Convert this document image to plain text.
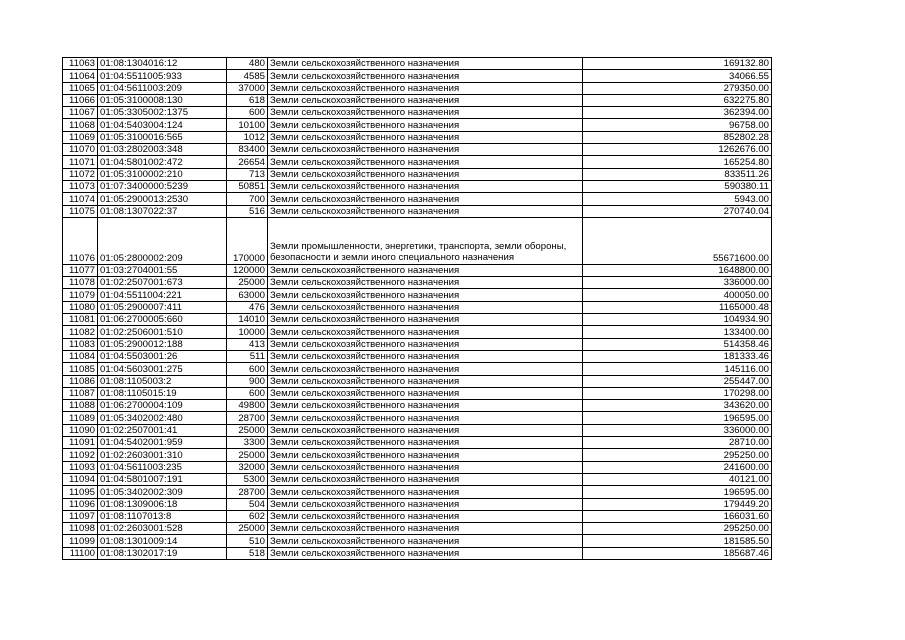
11063	01:08:1304016:12	480	Земли сельскохозяйственного назначения	169132.80
11064	01:04:5511005:933	4585	Земли сельскохозяйственного назначения	34066.55
11065	01:04:5611003:209	37000	Земли сельскохозяйственного назначения	279350.00
11066	01:05:3100008:130	618	Земли сельскохозяйственного назначения	632275.80
11067	01:05:3305002:1375	600	Земли сельскохозяйственного назначения	362394.00
11068	01:04:5403004:124	10100	Земли сельскохозяйственного назначения	96758.00
11069	01:05:3100016:565	1012	Земли сельскохозяйственного назначения	852802.28
11070	01:03:2802003:348	83400	Земли сельскохозяйственного назначения	1262676.00
11071	01:04:5801002:472	26654	Земли сельскохозяйственного назначения	165254.80
11072	01:05:3100002:210	713	Земли сельскохозяйственного назначения	833511.26
11073	01:07:3400000:5239	50851	Земли сельскохозяйственного назначения	590380.11
11074	01:05:2900013:2530	700	Земли сельскохозяйственного назначения	5943.00
11075	01:08:1307022:37	516	Земли сельскохозяйственного назначения	270740.04
11076	01:05:2800002:209	170000	Земли промышленности, энергетики, транспорта, земли обороны, безопасности и земли иного специального назначения	55671600.00
11077	01:03:2704001:55	120000	Земли сельскохозяйственного назначения	1648800.00
11078	01:02:2507001:673	25000	Земли сельскохозяйственного назначения	336000.00
11079	01:04:5511004:221	63000	Земли сельскохозяйственного назначения	400050.00
11080	01:05:2900007:411	476	Земли сельскохозяйственного назначения	1165000.48
11081	01:06:2700005:660	14010	Земли сельскохозяйственного назначения	104934.90
11082	01:02:2506001:510	10000	Земли сельскохозяйственного назначения	133400.00
11083	01:05:2900012:188	413	Земли сельскохозяйственного назначения	514358.46
11084	01:04:5503001:26	511	Земли сельскохозяйственного назначения	181333.46
11085	01:04:5603001:275	600	Земли сельскохозяйственного назначения	145116.00
11086	01:08:1105003:2	900	Земли сельскохозяйственного назначения	255447.00
11087	01:08:1105015:19	600	Земли сельскохозяйственного назначения	170298.00
11088	01:06:2700004:109	49800	Земли сельскохозяйственного назначения	343620.00
11089	01:05:3402002:480	28700	Земли сельскохозяйственного назначения	196595.00
11090	01:02:2507001:41	25000	Земли сельскохозяйственного назначения	336000.00
11091	01:04:5402001:959	3300	Земли сельскохозяйственного назначения	28710.00
11092	01:02:2603001:310	25000	Земли сельскохозяйственного назначения	295250.00
11093	01:04:5611003:235	32000	Земли сельскохозяйственного назначения	241600.00
11094	01:04:5801007:191	5300	Земли сельскохозяйственного назначения	40121.00
11095	01:05:3402002:309	28700	Земли сельскохозяйственного назначения	196595.00
11096	01:08:1309006:18	504	Земли сельскохозяйственного назначения	179449.20
11097	01:08:1107013:8	602	Земли сельскохозяйственного назначения	166031.60
11098	01:02:2603001:528	25000	Земли сельскохозяйственного назначения	295250.00
11099	01:08:1301009:14	510	Земли сельскохозяйственного назначения	181585.50
11100	01:08:1302017:19	518	Земли сельскохозяйственного назначения	185687.46
